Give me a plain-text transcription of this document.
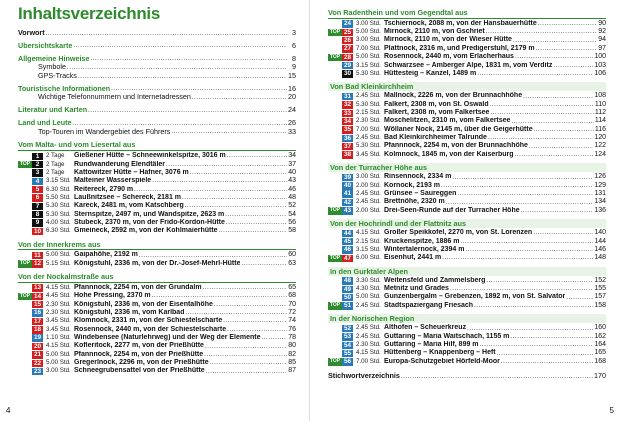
Inhaltsverzeichnis
Vorwort .....	3
Übersichtskarte .....	6
Allgemeine Hinweise .....	8
Symbole .....	9
GPS-Tracks .....	15
Touristische Informationen .....	16
Wichtige Telefonnummern und Internetadressen .....	20
Literatur und Karten .....	24
Land und Leute .....	26
Top-Touren im Wandergebiet des Führers .....	33
Vom Malta- und vom Liesertal aus
1	2 Tage	Gießener Hütte – Schneewinkelspitze, 3016 m .....	34
TOP 2	2 Tage	Rundwanderung Elendtäler .....	37
3	2 Tage	Kattowitzer Hütte – Hafner, 3076 m .....	40
4	3.15 Std. Malteiner Wasserspiele .....	43
5	6.30 Std. Reitereck, 2790 m .....	46
6	5.50 Std. Laußnitzsee – Schereck, 2181 m .....	48
7	5.30 Std. Kareck, 2481 m, vom Katschberg .....	52
8	5.30 Std. Sternspitze, 2497 m, und Wandspitze, 2623 m .....	54
9	4.00 Std. Stubeck, 2370 m, von der Frido-Kordon-Hütte .....	56
10 6.30 Std. Gmeineck, 2592 m, von der Kohlmaierhütte .....	58
Von der Innerkrems aus
11 5.00 Std. Gaipahöhe, 2192 m .....	60
TOP 12 5.15 Std. Königstuhl, 2336 m, von der Dr.-Josef-Mehrl-Hütte .....	63
Von der Nockalmstraße aus
13 4.15 Std. Pfannnock, 2254 m, von der Grundalm .....	65
TOP 14 4.45 Std. Hohe Pressing, 2370 m .....	68
15 2.30 Std. Königstuhl, 2336 m, von der Eisentalhöhe .....	70
16 2.30 Std. Königstuhl, 2336 m, vom Karlbad .....	72
17 3.45 Std. Klomnock, 2331 m, von der Schiestelscharte .....	74
18 3.45 Std. Rosennock, 2440 m, von der Schiestelscharte .....	76
19 1.10 Std. Windebensee (Naturlehrweg) und der Weg der Elemente .....	78
20 4.15 Std. Kofleritock, 2277 m, von der Prießhütte .....	80
21 5.00 Std. Pfannnock, 2254 m, von der Prießhütte .....	82
22 5.00 Std. Gregerlnock, 2296 m, von der Prießhütte .....	85
23 3.00 Std. Schneegrubensattel von der Prießhütte .....	87
4
Von Radenthein und vom Gegendtal aus
24 3.00 Std. Tschiernock, 2088 m, von der Hansbauerhütte .....	90
TOP 25 5.00 Std. Mirnock, 2110 m, von Gschriet .....	92
26 3.00 Std. Mirnock, 2110 m, von der Wieser Hütte .....	94
27 7.00 Std. Plattnock, 2316 m, und Predigerstuhl, 2179 m .....	97
TOP 28 5.00 Std. Rosennock, 2440 m, vom Erlacherhaus .....	100
29 3.15 Std. Schwarzsee – Amberger Alpe, 1831 m, vom Verditz .....	103
30 5.30 Std. Hüttesteig – Kanzel, 1489 m .....	106
Von Bad Kleinkirchheim
31 2.45 Std. Mallnock, 2226 m, von der Brunnachhöhe .....	108
32 5.30 Std. Falkert, 2308 m, von St. Oswald .....	110
33 2.15 Std. Falkert, 2308 m, vom Falkertsee .....	112
34 2.30 Std. Moschelitzen, 2310 m, vom Falkertsee .....	114
35 7.00 Std. Wöllaner Nock, 2145 m, über die Geigerhütte .....	116
36 2.45 Std. Bad Kleinkirchheimer Talrunde .....	120
37 5.30 Std. Pfannnock, 2254 m, von der Brunnachhöhe .....	122
38 3.45 Std. Kolmnock, 1845 m, von der Kaiserburg .....	124
Von der Turracher Höhe aus
39 3.00 Std. Rinsennock, 2334 m .....	126
40 2.00 Std. Kornock, 2193 m .....	129
41 2.45 Std. Grünsee – Saureggen .....	131
42 2.45 Std. Brettnöhe, 2320 m .....	134
TOP 43 2.00 Std. Drei-Seen-Runde auf der Turracher Höhe .....	136
Von der Hochrindl und der Flattnitz aus
44 4.15 Std. Großer Speikkofel, 2270 m, von St. Lorenzen .....	140
45 2.15 Std. Kruckenspitze, 1886 m .....	144
46 3.15 Std. Wintertalernock, 2394 m .....	146
TOP 47 6.00 Std. Eisenhut, 2441 m .....	148
In den Gurktaler Alpen
48 3.30 Std. Weitensfeld und Zammelsberg .....	152
49 4.30 Std. Metnitz und Grades .....	155
50 5.00 Std. Gunzenbergalm – Grebenzen, 1892 m, von St. Salvator .....	157
TOP 51 2.45 Std. Stadtspaziergang Friesach .....	158
In der Norischen Region
52 2.45 Std. Althofen – Scheuerkreuz .....	160
53 2.45 Std. Guttaring – Maria Waitschach, 1155 m .....	162
54 2.30 Std. Guttaring – Maria Hilf, 899 m .....	164
55 4.15 Std. Hüttenberg – Knappenberg – Heft .....	165
TOP 56 7.00 Std. Europa-Schutzgebiet Hörfeld-Moor .....	168
Stichwortverzeichnis .....	170
5
